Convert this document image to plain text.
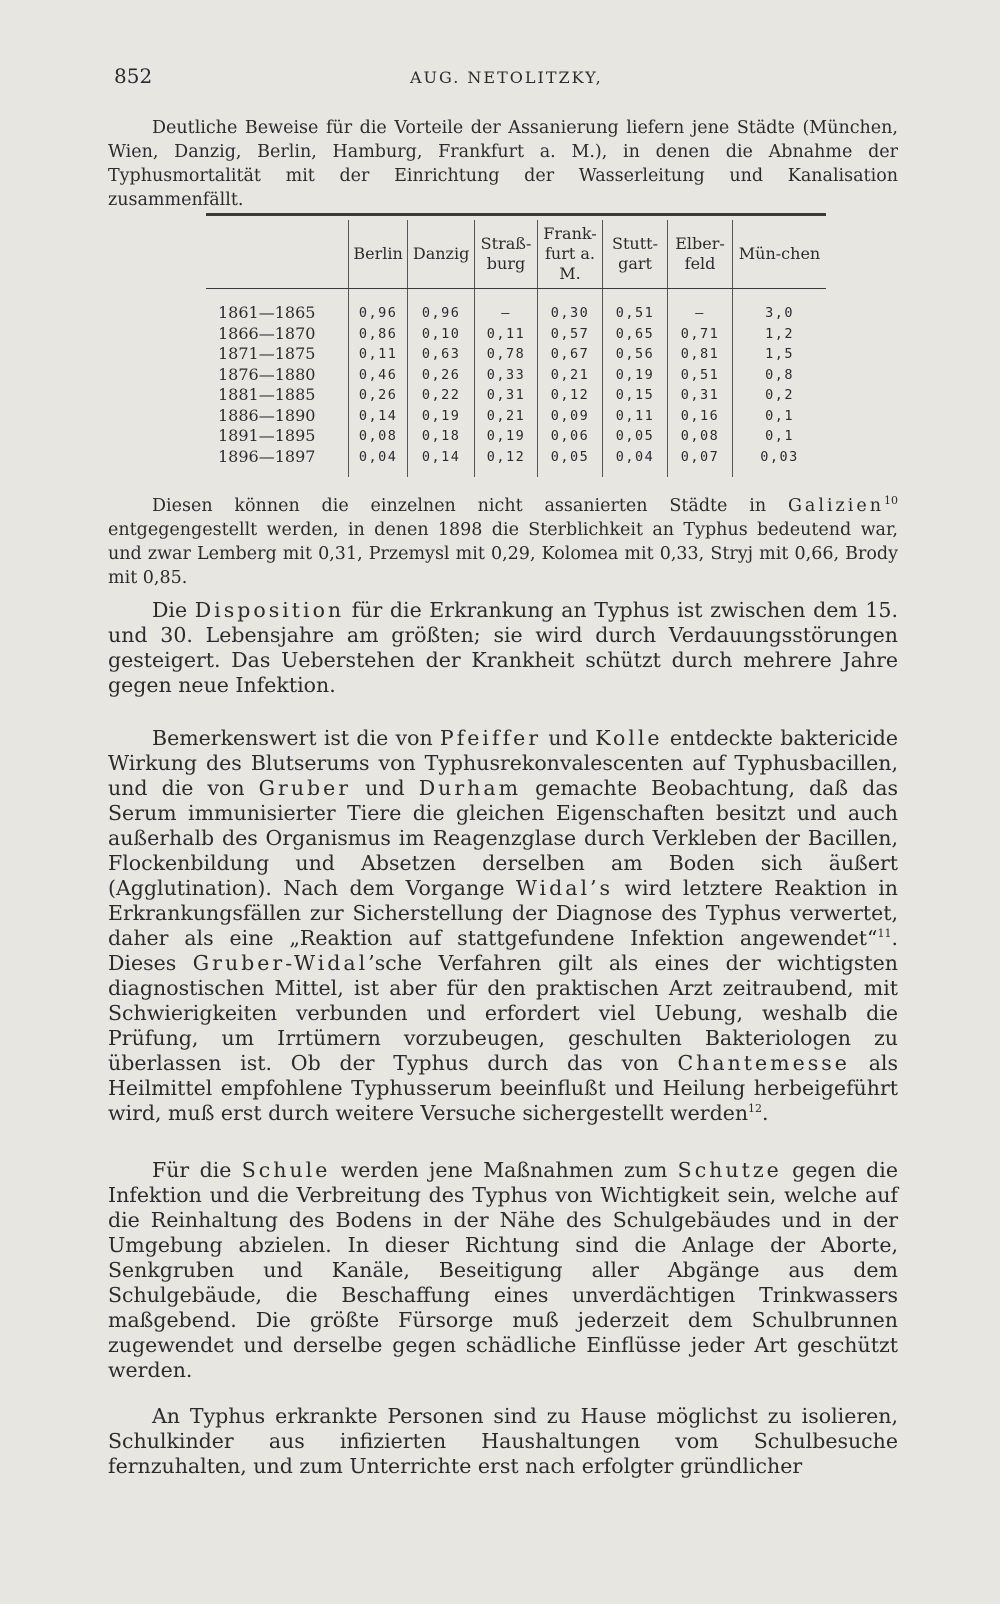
852	AUG. NETOLITZKY,

Deutliche Beweise für die Vorteile der Assanierung liefern jene Städte (München, Wien, Danzig, Berlin, Hamburg, Frankfurt a. M.), in denen die Abnahme der Typhusmortalität mit der Einrichtung der Wasserleitung und Kanalisation zusammenfällt.

	Berlin	Danzig	Straß-burg	Frank-furt a. M.	Stutt-gart	Elber-feld	Mün-chen

1861—1865	0,96	0,96	—	0,30	0,51	—	3,0
1866—1870	0,86	0,10	0,11	0,57	0,65	0,71	1,2
1871—1875	0,11	0,63	0,78	0,67	0,56	0,81	1,5
1876—1880	0,46	0,26	0,33	0,21	0,19	0,51	0,8
1881—1885	0,26	0,22	0,31	0,12	0,15	0,31	0,2
1886—1890	0,14	0,19	0,21	0,09	0,11	0,16	0,1
1891—1895	0,08	0,18	0,19	0,06	0,05	0,08	0,1
1896—1897	0,04	0,14	0,12	0,05	0,04	0,07	0,03

Diesen können die einzelnen nicht assanierten Städte in Galizien$^{10}$ entgegengestellt werden, in denen 1898 die Sterblichkeit an Typhus bedeutend war, und zwar Lemberg mit 0,31, Przemysl mit 0,29, Kolomea mit 0,33, Stryj mit 0,66, Brody mit 0,85.

Die Disposition für die Erkrankung an Typhus ist zwischen dem 15. und 30. Lebensjahre am größten; sie wird durch Verdauungsstörungen gesteigert. Das Ueberstehen der Krankheit schützt durch mehrere Jahre gegen neue Infektion.

Bemerkenswert ist die von Pfeiffer und Kolle entdeckte baktericide Wirkung des Blutserums von Typhusrekonvalescenten auf Typhusbacillen, und die von Gruber und Durham gemachte Beobachtung, daß das Serum immunisierter Tiere die gleichen Eigenschaften besitzt und auch außerhalb des Organismus im Reagenzglase durch Verkleben der Bacillen, Flockenbildung und Absetzen derselben am Boden sich äußert (Agglutination). Nach dem Vorgange Widal’s wird letztere Reaktion in Erkrankungsfällen zur Sicherstellung der Diagnose des Typhus verwertet, daher als eine „Reaktion auf stattgefundene Infektion angewendet“$^{11}$. Dieses Gruber-Widal’sche Verfahren gilt als eines der wichtigsten diagnostischen Mittel, ist aber für den praktischen Arzt zeitraubend, mit Schwierigkeiten verbunden und erfordert viel Uebung, weshalb die Prüfung, um Irrtümern vorzubeugen, geschulten Bakteriologen zu überlassen ist. Ob der Typhus durch das von Chantemesse als Heilmittel empfohlene Typhusserum beeinflußt und Heilung herbeigeführt wird, muß erst durch weitere Versuche sichergestellt werden$^{12}$.

Für die Schule werden jene Maßnahmen zum Schutze gegen die Infektion und die Verbreitung des Typhus von Wichtigkeit sein, welche auf die Reinhaltung des Bodens in der Nähe des Schulgebäudes und in der Umgebung abzielen. In dieser Richtung sind die Anlage der Aborte, Senkgruben und Kanäle, Beseitigung aller Abgänge aus dem Schulgebäude, die Beschaffung eines unverdächtigen Trinkwassers maßgebend. Die größte Fürsorge muß jederzeit dem Schulbrunnen zugewendet und derselbe gegen schädliche Einflüsse jeder Art geschützt werden.

An Typhus erkrankte Personen sind zu Hause möglichst zu isolieren, Schulkinder aus infizierten Haushaltungen vom Schulbesuche fernzuhalten, und zum Unterrichte erst nach erfolgter gründlicher
